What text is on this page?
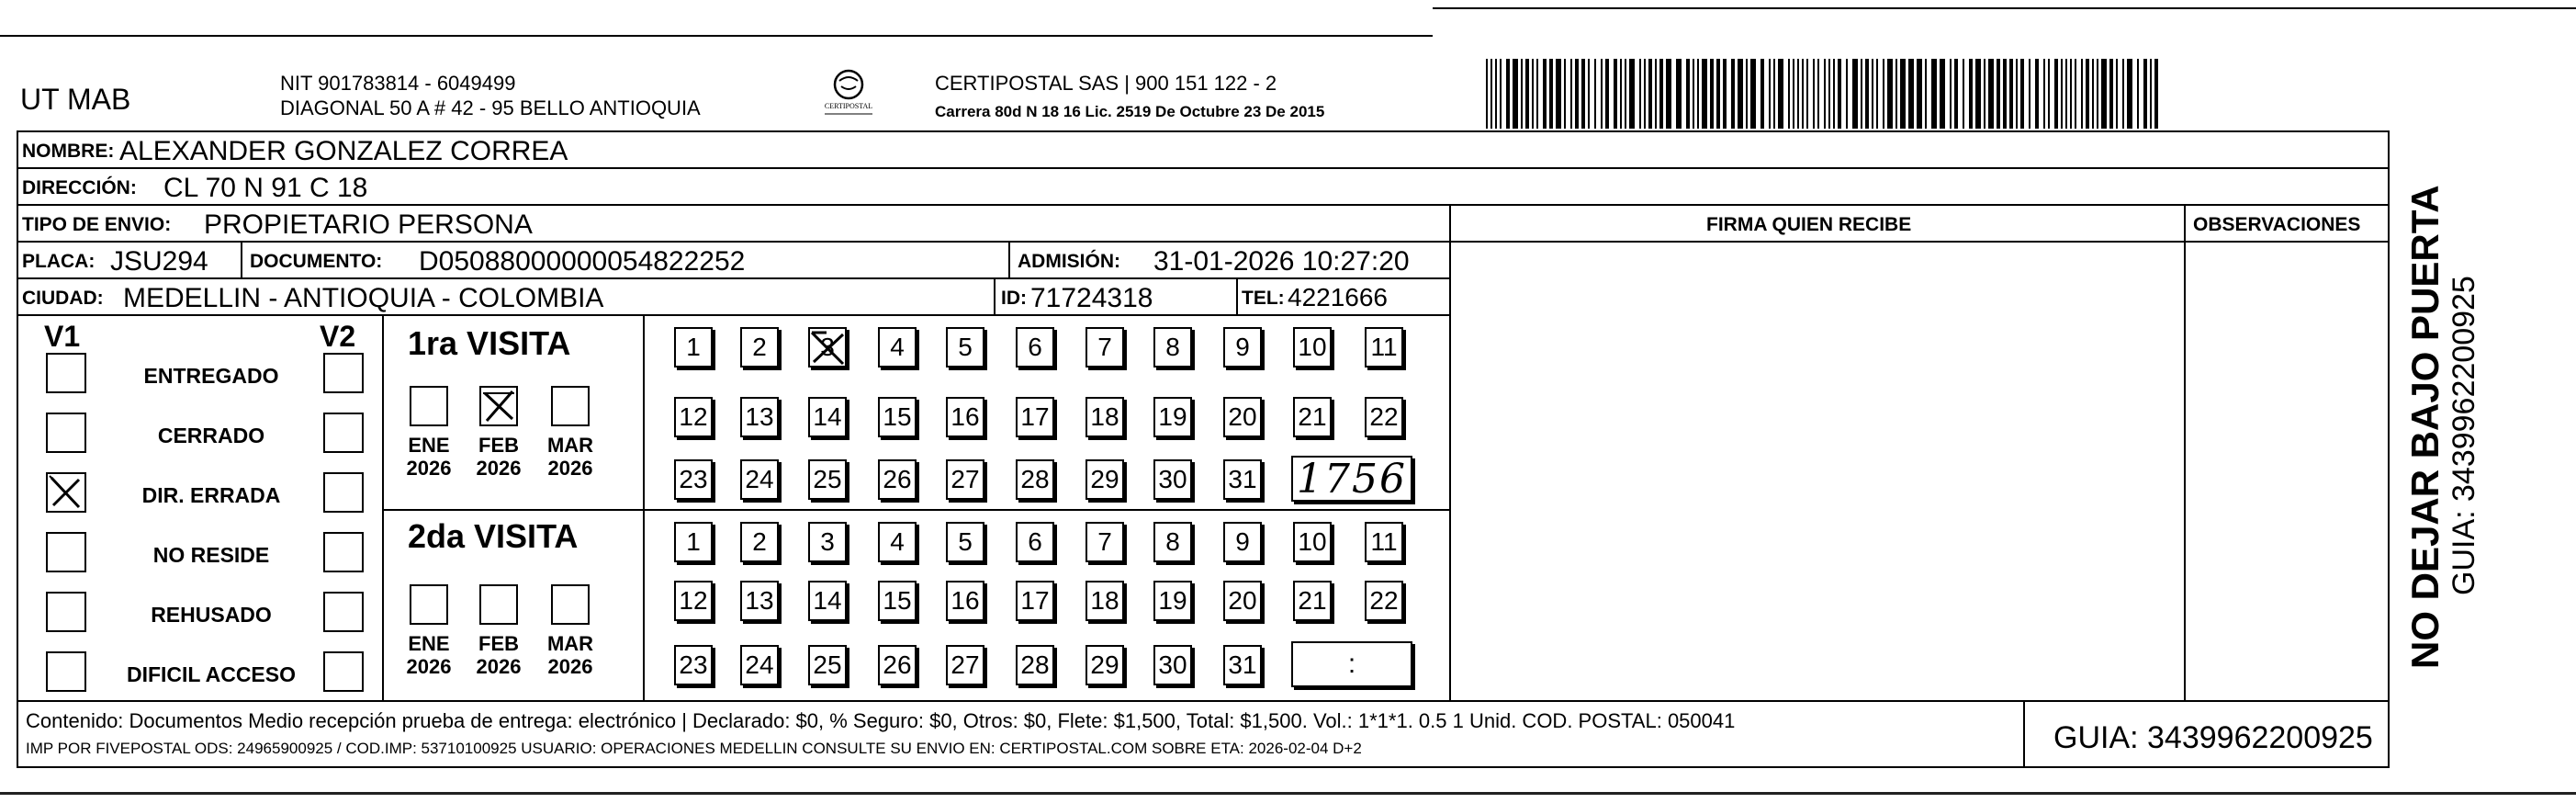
UT MAB	NIT 901783814 - 6049499
DIAGONAL 50 A # 42 - 95 BELLO ANTIOQUIA	CERTIPOSTAL
CERTIPOSTAL SAS | 900 151 122 - 2
Carrera 80d N 18 16 Lic. 2519 De Octubre 23 De 2015
NOMBRE: ALEXANDER GONZALEZ CORREA
DIRECCIÓN: CL 70 N 91 C 18
TIPO DE ENVIO: PROPIETARIO PERSONA
PLACA: JSU294 DOCUMENTO: D05088000000054822252	ADMISIÓN: 31-01-2026 10:27:20
CIUDAD: MEDELLIN - ANTIOQUIA - COLOMBIA	ID: 71724318	TEL: 4221666
FIRMA QUIEN RECIBE	OBSERVACIONES NO DEJAR BAJO PUERTA GUIA: 3439962200925
V1	V2
ENTREGADO
CERRADO
DIR. ERRADA
NO RESIDE
REHUSADO
DIFICIL ACCESO
1ra VISITA
2da VISITA
ENE
2026
FEB
2026
MAR
2026
ENE
2026
FEB
2026
MAR
2026
1 2 3 4 5 6 7 8 9 10 11
12 13 14 15 16 17 18 19 20 21 22
23 24 25 26 27 28 29 30 31 1756
1 2 3 4 5 6 7 8 9 10 11
12 13 14 15 16 17 18 19 20 21 22
23 24 25 26 27 28 29 30 31	:
Contenido: Documentos Medio recepción prueba de entrega: electrónico | Declarado: $0, % Seguro: $0, Otros: $0, Flete: $1,500, Total: $1,500. Vol.: 1*1*1. 0.5 1 Unid. COD. POSTAL: 050041
IMP POR FIVEPOSTAL ODS: 24965900925 / COD.IMP: 53710100925 USUARIO: OPERACIONES MEDELLIN CONSULTE SU ENVIO EN: CERTIPOSTAL.COM SOBRE ETA: 2026-02-04 D+2	GUIA: 3439962200925
